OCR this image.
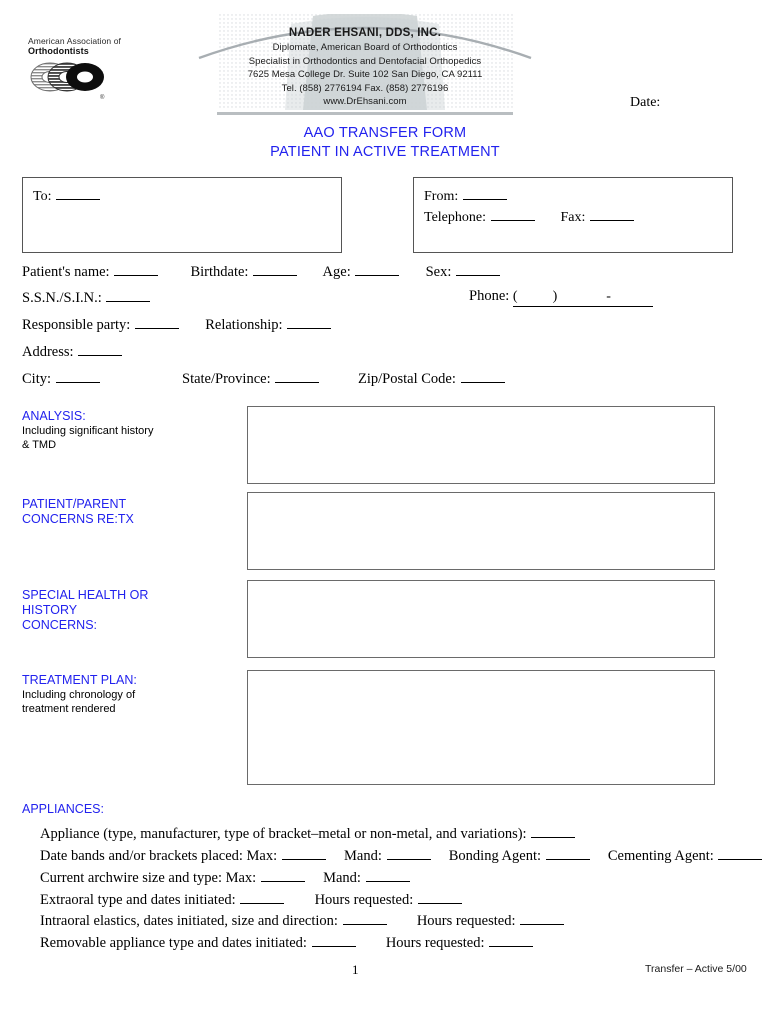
American Association of
Orthodontists
®
NADER EHSANI, DDS, INC.
Diplomate, American Board of Orthodontics
Specialist in Orthodontics and Dentofacial Orthopedics
7625 Mesa College Dr. Suite 102 San Diego, CA 92111
Tel. (858) 2776194 Fax. (858) 2776196
www.DrEhsani.com	Date:
AAO TRANSFER FORM
PATIENT IN ACTIVE TREATMENT
To:	From:
Telephone:	Fax:
Patient's name:	Birthdate:	Age:	Sex:
S.S.N./S.I.N.:	Phone: (          )              -
Responsible party:	Relationship:
Address:
City:	State/Province:	Zip/Postal Code:
ANALYSIS:
Including significant history
& TMD
PATIENT/PARENT
CONCERNS RE:TX
SPECIAL HEALTH OR
HISTORY
CONCERNS:
TREATMENT PLAN:
Including chronology of
treatment rendered
APPLIANCES:
Appliance (type, manufacturer, type of bracket–metal or non-metal, and variations):
Date bands and/or brackets placed: Max:	Mand:	Bonding Agent:	Cementing Agent:
Current archwire size and type: Max:	Mand:
Extraoral type and dates initiated:	Hours requested:
Intraoral elastics, dates initiated, size and direction:	Hours requested:
Removable appliance type and dates initiated:	Hours requested:
1	Transfer – Active 5/00
